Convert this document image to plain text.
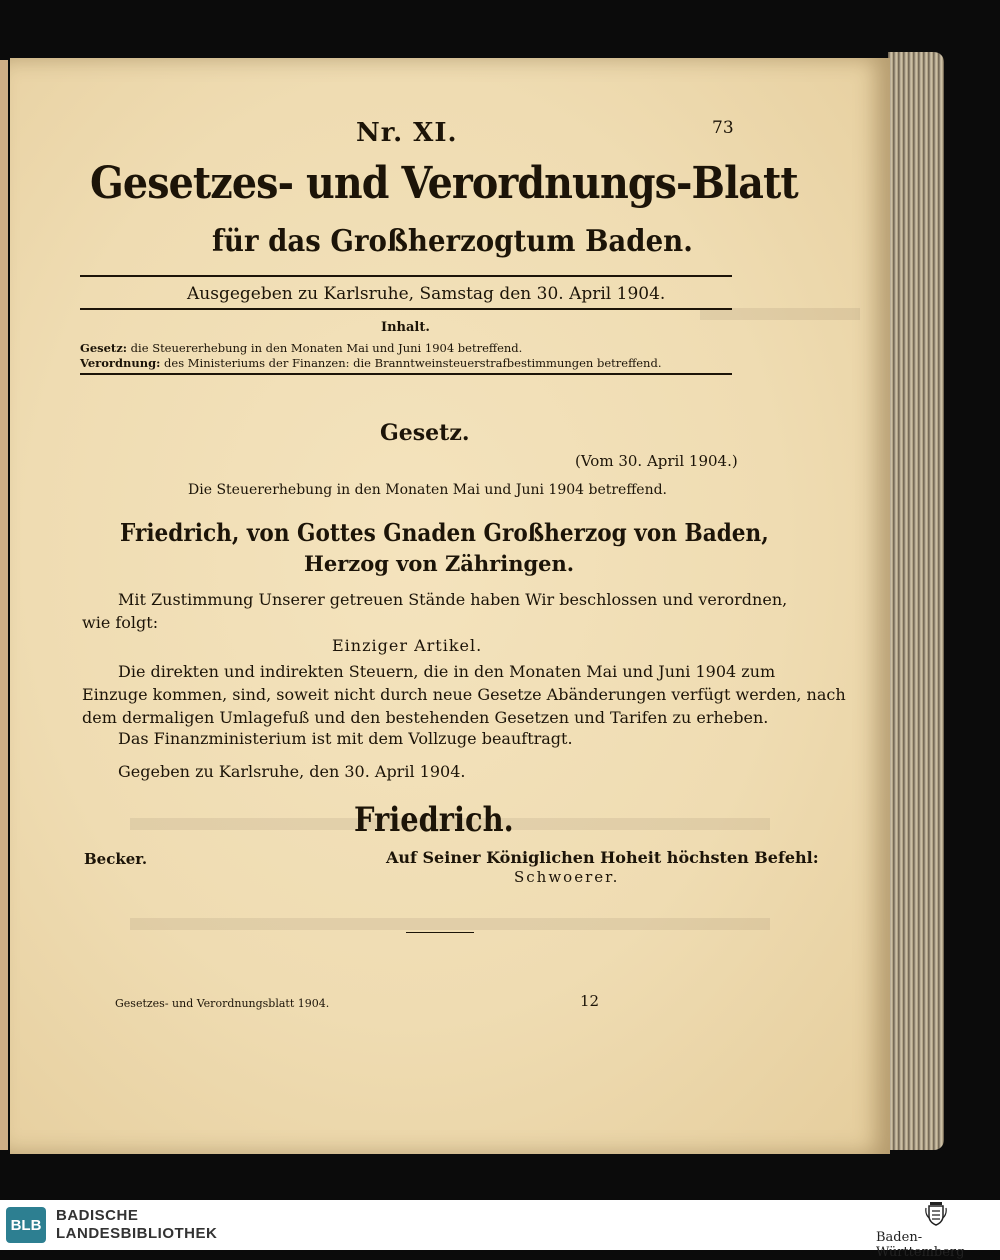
Nr. XI.	73
Gesetzes- und Verordnungs-Blatt
für das Großherzogtum Baden.
Ausgegeben zu Karlsruhe, Samstag den 30. April 1904.
Inhalt.
Gesetz: die Steuererhebung in den Monaten Mai und Juni 1904 betreffend.
Verordnung: des Ministeriums der Finanzen: die Branntweinsteuerstrafbestimmungen betreffend.
Gesetz.
(Vom 30. April 1904.)
Die Steuererhebung in den Monaten Mai und Juni 1904 betreffend.
Friedrich, von Gottes Gnaden Großherzog von Baden,
Herzog von Zähringen.
Mit Zustimmung Unserer getreuen Stände haben Wir beschlossen und verordnen,
wie folgt:
Einziger Artikel.
Die direkten und indirekten Steuern, die in den Monaten Mai und Juni 1904 zum
Einzuge kommen, sind, soweit nicht durch neue Gesetze Abänderungen verfügt werden, nach
dem dermaligen Umlagefuß und den bestehenden Gesetzen und Tarifen zu erheben.
Das Finanzministerium ist mit dem Vollzuge beauftragt.
Gegeben zu Karlsruhe, den 30. April 1904.
Friedrich.
Becker.	Auf Seiner Königlichen Hoheit höchsten Befehl:
Schwoerer.
Gesetzes- und Verordnungsblatt 1904.	12
BLB
BADISCHE
LANDESBIBLIOTHEK	Baden-Württemberg
